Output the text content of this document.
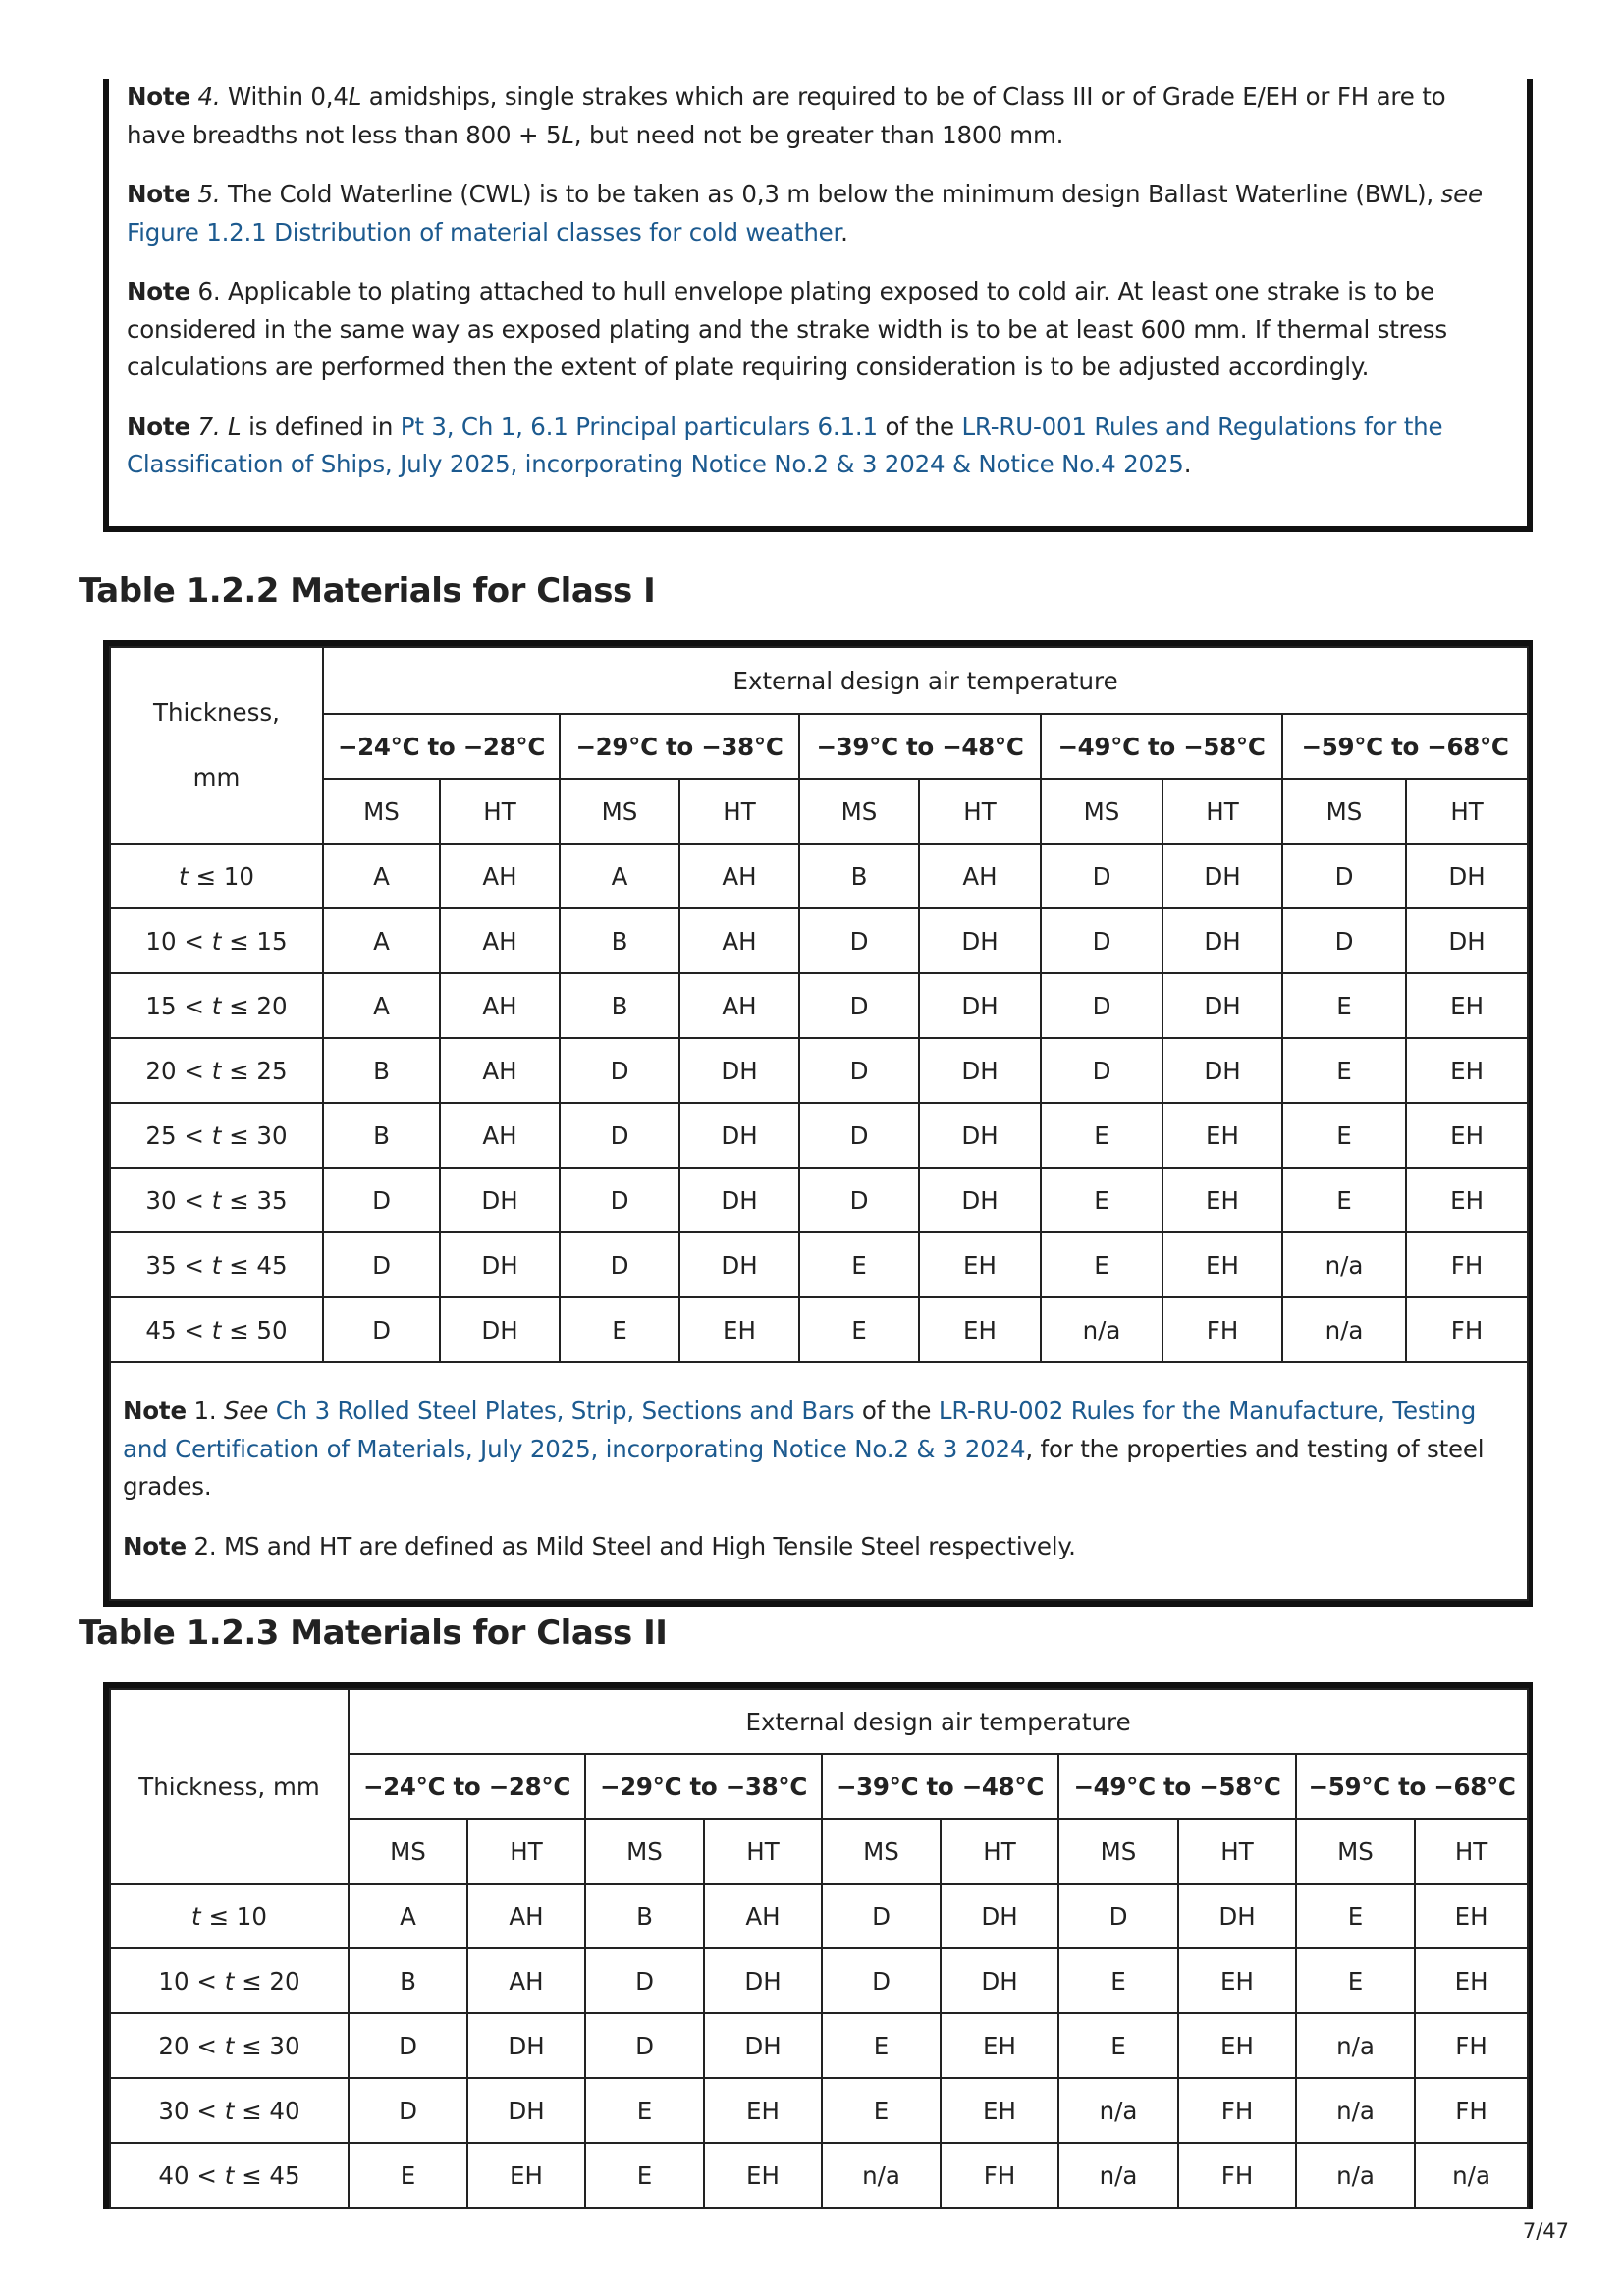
Note 4. Within 0,4L amidships, single strakes which are required to be of Class III or of Grade E/EH or FH are to have breadths not less than 800 + 5L, but need not be greater than 1800 mm.

Note 5. The Cold Waterline (CWL) is to be taken as 0,3 m below the minimum design Ballast Waterline (BWL), see Figure 1.2.1 Distribution of material classes for cold weather.

Note 6. Applicable to plating attached to hull envelope plating exposed to cold air. At least one strake is to be considered in the same way as exposed plating and the strake width is to be at least 600 mm. If thermal stress calculations are performed then the extent of plate requiring consideration is to be adjusted accordingly.

Note 7. L is defined in Pt 3, Ch 1, 6.1 Principal particulars 6.1.1 of the LR-RU-001 Rules and Regulations for the Classification of Ships, July 2025, incorporating Notice No.2 & 3 2024 & Notice No.4 2025.

Table 1.2.2 Materials for Class I
Thickness,
mm	External design air temperature									
	−24°C to −28°C		−29°C to −38°C		−39°C to −48°C		−49°C to −58°C		−59°C to −68°C	
	MS	HT	MS	HT	MS	HT	MS	HT	MS	HT
t ≤ 10	A	AH	A	AH	B	AH	D	DH	D	DH
10 < t ≤ 15	A	AH	B	AH	D	DH	D	DH	D	DH
15 < t ≤ 20	A	AH	B	AH	D	DH	D	DH	E	EH
20 < t ≤ 25	B	AH	D	DH	D	DH	D	DH	E	EH
25 < t ≤ 30	B	AH	D	DH	D	DH	E	EH	E	EH
30 < t ≤ 35	D	DH	D	DH	D	DH	E	EH	E	EH
35 < t ≤ 45	D	DH	D	DH	E	EH	E	EH	n/a	FH
45 < t ≤ 50	D	DH	E	EH	E	EH	n/a	FH	n/a	FH

Note 1. See Ch 3 Rolled Steel Plates, Strip, Sections and Bars of the LR-RU-002 Rules for the Manufacture, Testing and Certification of Materials, July 2025, incorporating Notice No.2 & 3 2024, for the properties and testing of steel grades.

Note 2. MS and HT are defined as Mild Steel and High Tensile Steel respectively.										

Table 1.2.3 Materials for Class II
Thickness, mm	External design air temperature									
	−24°C to −28°C		−29°C to −38°C		−39°C to −48°C		−49°C to −58°C		−59°C to −68°C	
	MS	HT	MS	HT	MS	HT	MS	HT	MS	HT
t ≤ 10	A	AH	B	AH	D	DH	D	DH	E	EH
10 < t ≤ 20	B	AH	D	DH	D	DH	E	EH	E	EH
20 < t ≤ 30	D	DH	D	DH	E	EH	E	EH	n/a	FH
30 < t ≤ 40	D	DH	E	EH	E	EH	n/a	FH	n/a	FH
40 < t ≤ 45	E	EH	E	EH	n/a	FH	n/a	FH	n/a	n/a
7/47
